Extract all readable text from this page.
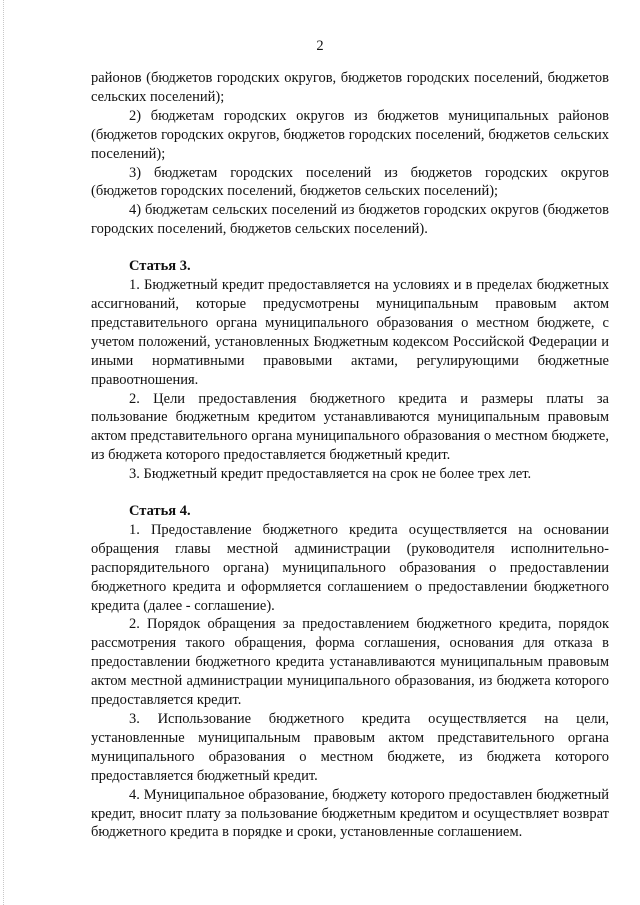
2

районов (бюджетов городских округов, бюджетов городских поселений, бюджетов сельских поселений);

2) бюджетам городских округов из бюджетов муниципальных районов (бюджетов городских округов, бюджетов городских поселений, бюджетов сельских поселений);

3) бюджетам городских поселений из бюджетов городских округов (бюджетов городских поселений, бюджетов сельских поселений);

4) бюджетам сельских поселений из бюджетов городских округов (бюджетов городских поселений, бюджетов сельских поселений).

Статья 3.

1. Бюджетный кредит предоставляется на условиях и в пределах бюджетных ассигнований, которые предусмотрены муниципальным правовым актом представительного органа муниципального образования о местном бюджете, с учетом положений, установленных Бюджетным кодексом Российской Федерации и иными нормативными правовыми актами, регулирующими бюджетные правоотношения.

2. Цели предоставления бюджетного кредита и размеры платы за пользование бюджетным кредитом устанавливаются муниципальным правовым актом представительного органа муниципального образования о местном бюджете, из бюджета которого предоставляется бюджетный кредит.

3. Бюджетный кредит предоставляется на срок не более трех лет.

Статья 4.

1. Предоставление бюджетного кредита осуществляется на основании обращения главы местной администрации (руководителя исполнительно-распорядительного органа) муниципального образования о предоставлении бюджетного кредита и оформляется соглашением о предоставлении бюджетного кредита (далее - соглашение).

2. Порядок обращения за предоставлением бюджетного кредита, порядок рассмотрения такого обращения, форма соглашения, основания для отказа в предоставлении бюджетного кредита устанавливаются муниципальным правовым актом местной администрации муниципального образования, из бюджета которого предоставляется кредит.

3. Использование бюджетного кредита осуществляется на цели, установленные муниципальным правовым актом представительного органа муниципального образования о местном бюджете, из бюджета которого предоставляется бюджетный кредит.

4. Муниципальное образование, бюджету которого предоставлен бюджетный кредит, вносит плату за пользование бюджетным кредитом и осуществляет возврат бюджетного кредита в порядке и сроки, установленные соглашением.
